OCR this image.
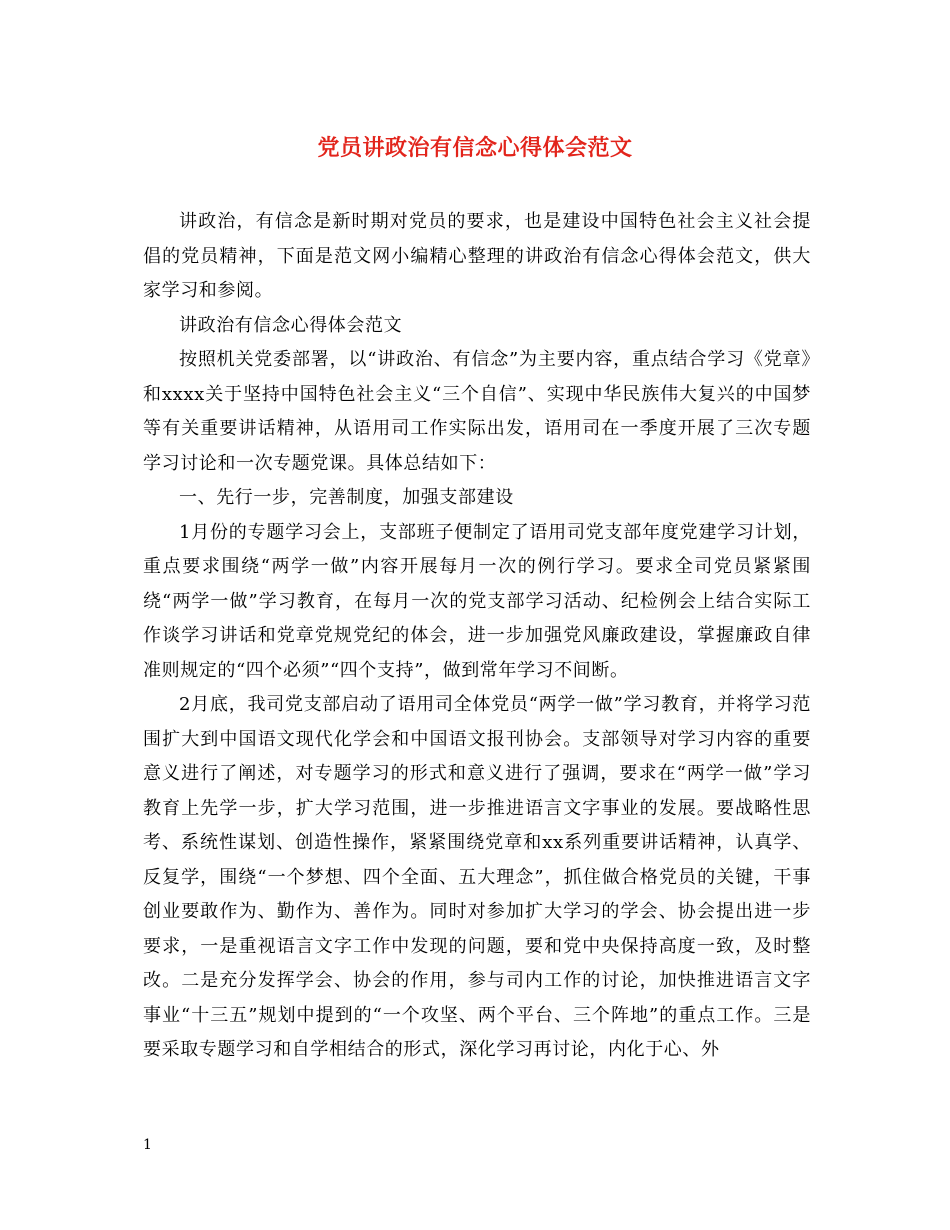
党员讲政治有信念心得体会范文

讲政治，有信念是新时期对党员的要求，也是建设中国特色社会主义社会提倡的党员精神，下面是范文网小编精心整理的讲政治有信念心得体会范文，供大家学习和参阅。

讲政治有信念心得体会范文

按照机关党委部署，以“讲政治、有信念”为主要内容，重点结合学习《党章》和xxxx关于坚持中国特色社会主义“三个自信”、实现中华民族伟大复兴的中国梦等有关重要讲话精神，从语用司工作实际出发，语用司在一季度开展了三次专题学习讨论和一次专题党课。具体总结如下：

一、先行一步，完善制度，加强支部建设

1月份的专题学习会上，支部班子便制定了语用司党支部年度党建学习计划，重点要求围绕“两学一做”内容开展每月一次的例行学习。要求全司党员紧紧围绕“两学一做”学习教育，在每月一次的党支部学习活动、纪检例会上结合实际工作谈学习讲话和党章党规党纪的体会，进一步加强党风廉政建设，掌握廉政自律准则规定的“四个必须”“四个支持”，做到常年学习不间断。

2月底，我司党支部启动了语用司全体党员“两学一做”学习教育，并将学习范围扩大到中国语文现代化学会和中国语文报刊协会。支部领导对学习内容的重要意义进行了阐述，对专题学习的形式和意义进行了强调，要求在“两学一做”学习教育上先学一步，扩大学习范围，进一步推进语言文字事业的发展。要战略性思考、系统性谋划、创造性操作，紧紧围绕党章和xx系列重要讲话精神，认真学、反复学，围绕“一个梦想、四个全面、五大理念”，抓住做合格党员的关键，干事创业要敢作为、勤作为、善作为。同时对参加扩大学习的学会、协会提出进一步要求，一是重视语言文字工作中发现的问题，要和党中央保持高度一致，及时整改。二是充分发挥学会、协会的作用，参与司内工作的讨论，加快推进语言文字事业“十三五”规划中提到的“一个攻坚、两个平台、三个阵地”的重点工作。三是要采取专题学习和自学相结合的形式，深化学习再讨论，内化于心、外

1
